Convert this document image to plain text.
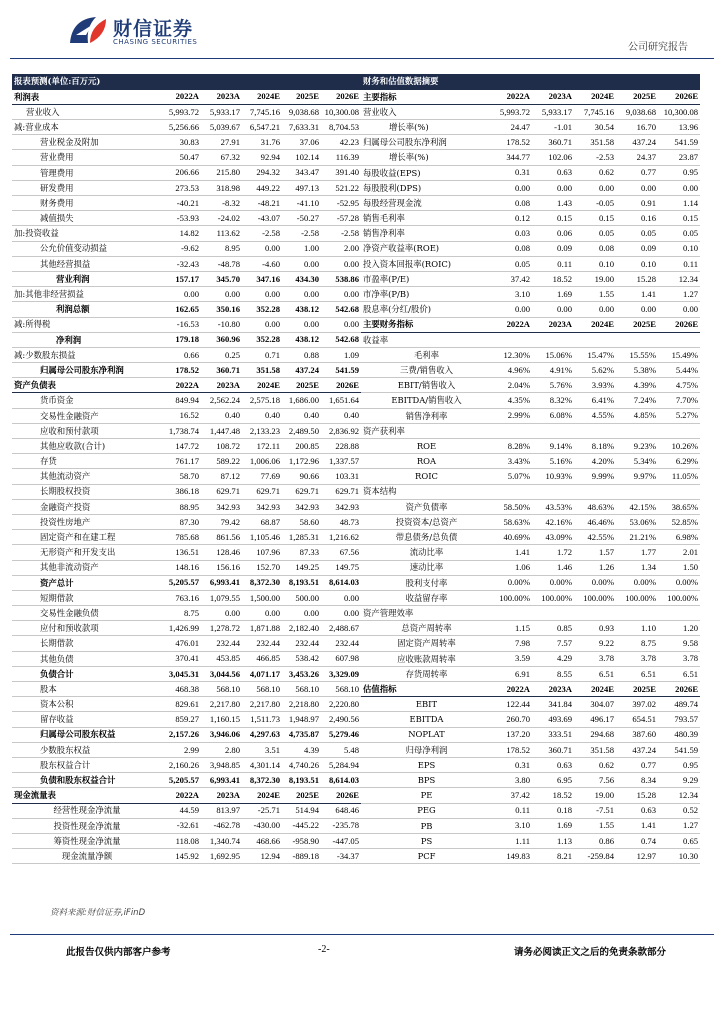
财信证券
CHASING SECURITIES	公司研究报告
报表预测(单位:百万元)					
利润表	2022A	2023A	2024E	2025E	2026E
营业收入	5,993.72	5,933.17	7,745.16	9,038.68	10,300.08
减:营业成本	5,256.66	5,039.67	6,547.21	7,633.31	8,704.53
营业税金及附加	30.83	27.91	31.76	37.06	42.23
营业费用	50.47	67.32	92.94	102.14	116.39
管理费用	206.66	215.80	294.32	343.47	391.40
研发费用	273.53	318.98	449.22	497.13	521.22
财务费用	-40.21	-8.32	-48.21	-41.10	-52.95
减值损失	-53.93	-24.02	-43.07	-50.27	-57.28
加:投资收益	14.82	113.62	-2.58	-2.58	-2.58
公允价值变动损益	-9.62	8.95	0.00	1.00	2.00
其他经营损益	-32.43	-48.78	-4.60	0.00	0.00
营业利润	157.17	345.70	347.16	434.30	538.86
加:其他非经营损益	0.00	0.00	0.00	0.00	0.00
利润总额	162.65	350.16	352.28	438.12	542.68
减:所得税	-16.53	-10.80	0.00	0.00	0.00
净利润	179.18	360.96	352.28	438.12	542.68
减:少数股东损益	0.66	0.25	0.71	0.88	1.09
归属母公司股东净利润	178.52	360.71	351.58	437.24	541.59
资产负债表	2022A	2023A	2024E	2025E	2026E
货币资金	849.94	2,562.24	2,575.18	1,686.00	1,651.64
交易性金融资产	16.52	0.40	0.40	0.40	0.40
应收和预付款项	1,738.74	1,447.48	2,133.23	2,489.50	2,836.92
其他应收款(合计)	147.72	108.72	172.11	200.85	228.88
存货	761.17	589.22	1,006.06	1,172.96	1,337.57
其他流动资产	58.70	87.12	77.69	90.66	103.31
长期股权投资	386.18	629.71	629.71	629.71	629.71
金融资产投资	88.95	342.93	342.93	342.93	342.93
投资性房地产	87.30	79.42	68.87	58.60	48.73
固定资产和在建工程	785.68	861.56	1,105.46	1,285.31	1,216.62
无形资产和开发支出	136.51	128.46	107.96	87.33	67.56
其他非流动资产	148.16	156.16	152.70	149.25	149.75
资产总计	5,205.57	6,993.41	8,372.30	8,193.51	8,614.03
短期借款	763.16	1,079.55	1,500.00	500.00	0.00
交易性金融负债	8.75	0.00	0.00	0.00	0.00
应付和预收款项	1,426.99	1,278.72	1,871.88	2,182.40	2,488.67
长期借款	476.01	232.44	232.44	232.44	232.44
其他负债	370.41	453.85	466.85	538.42	607.98
负债合计	3,045.31	3,044.56	4,071.17	3,453.26	3,329.09
股本	468.38	568.10	568.10	568.10	568.10
资本公积	829.61	2,217.80	2,217.80	2,218.80	2,220.80
留存收益	859.27	1,160.15	1,511.73	1,948.97	2,490.56
归属母公司股东权益	2,157.26	3,946.06	4,297.63	4,735.87	5,279.46
少数股东权益	2.99	2.80	3.51	4.39	5.48
股东权益合计	2,160.26	3,948.85	4,301.14	4,740.26	5,284.94
负债和股东权益合计	5,205.57	6,993.41	8,372.30	8,193.51	8,614.03
现金流量表	2022A	2023A	2024E	2025E	2026E
经营性现金净流量	44.59	813.97	-25.71	514.94	648.46
投资性现金净流量	-32.61	-462.78	-430.00	-445.22	-235.78
筹资性现金净流量	118.08	1,340.74	468.66	-958.90	-447.05
现金流量净额	145.92	1,692.95	12.94	-889.18	-34.37
财务和估值数据摘要					
主要指标	2022A	2023A	2024E	2025E	2026E
营业收入	5,993.72	5,933.17	7,745.16	9,038.68	10,300.08
增长率(%)	24.47	-1.01	30.54	16.70	13.96
归属母公司股东净利润	178.52	360.71	351.58	437.24	541.59
增长率(%)	344.77	102.06	-2.53	24.37	23.87
每股收益(EPS)	0.31	0.63	0.62	0.77	0.95
每股股利(DPS)	0.00	0.00	0.00	0.00	0.00
每股经营现金流	0.08	1.43	-0.05	0.91	1.14
销售毛利率	0.12	0.15	0.15	0.16	0.15
销售净利率	0.03	0.06	0.05	0.05	0.05
净资产收益率(ROE)	0.08	0.09	0.08	0.09	0.10
投入资本回报率(ROIC)	0.05	0.11	0.10	0.10	0.11
市盈率(P/E)	37.42	18.52	19.00	15.28	12.34
市净率(P/B)	3.10	1.69	1.55	1.41	1.27
股息率(分红/股价)	0.00	0.00	0.00	0.00	0.00
主要财务指标	2022A	2023A	2024E	2025E	2026E
收益率					
毛利率	12.30%	15.06%	15.47%	15.55%	15.49%
三费/销售收入	4.96%	4.91%	5.62%	5.38%	5.44%
EBIT/销售收入	2.04%	5.76%	3.93%	4.39%	4.75%
EBITDA/销售收入	4.35%	8.32%	6.41%	7.24%	7.70%
销售净利率	2.99%	6.08%	4.55%	4.85%	5.27%
资产获利率					
ROE	8.28%	9.14%	8.18%	9.23%	10.26%
ROA	3.43%	5.16%	4.20%	5.34%	6.29%
ROIC	5.07%	10.93%	9.99%	9.97%	11.05%
资本结构					
资产负债率	58.50%	43.53%	48.63%	42.15%	38.65%
投资资本/总资产	58.63%	42.16%	46.46%	53.06%	52.85%
带息债务/总负债	40.69%	43.09%	42.55%	21.21%	6.98%
流动比率	1.41	1.72	1.57	1.77	2.01
速动比率	1.06	1.46	1.26	1.34	1.50
股利支付率	0.00%	0.00%	0.00%	0.00%	0.00%
收益留存率	100.00%	100.00%	100.00%	100.00%	100.00%
资产管理效率					
总资产周转率	1.15	0.85	0.93	1.10	1.20
固定资产周转率	7.98	7.57	9.22	8.75	9.58
应收账款周转率	3.59	4.29	3.78	3.78	3.78
存货周转率	6.91	8.55	6.51	6.51	6.51
估值指标	2022A	2023A	2024E	2025E	2026E
EBIT	122.44	341.84	304.07	397.02	489.74
EBITDA	260.70	493.69	496.17	654.51	793.57
NOPLAT	137.20	333.51	294.68	387.60	480.39
归母净利润	178.52	360.71	351.58	437.24	541.59
EPS	0.31	0.63	0.62	0.77	0.95
BPS	3.80	6.95	7.56	8.34	9.29
PE	37.42	18.52	19.00	15.28	12.34
PEG	0.11	0.18	-7.51	0.63	0.52
PB	3.10	1.69	1.55	1.41	1.27
PS	1.11	1.13	0.86	0.74	0.65
PCF	149.83	8.21	-259.84	12.97	10.30
资料来源:财信证券,iFinD
此报告仅供内部客户参考	-2-	请务必阅读正文之后的免责条款部分
